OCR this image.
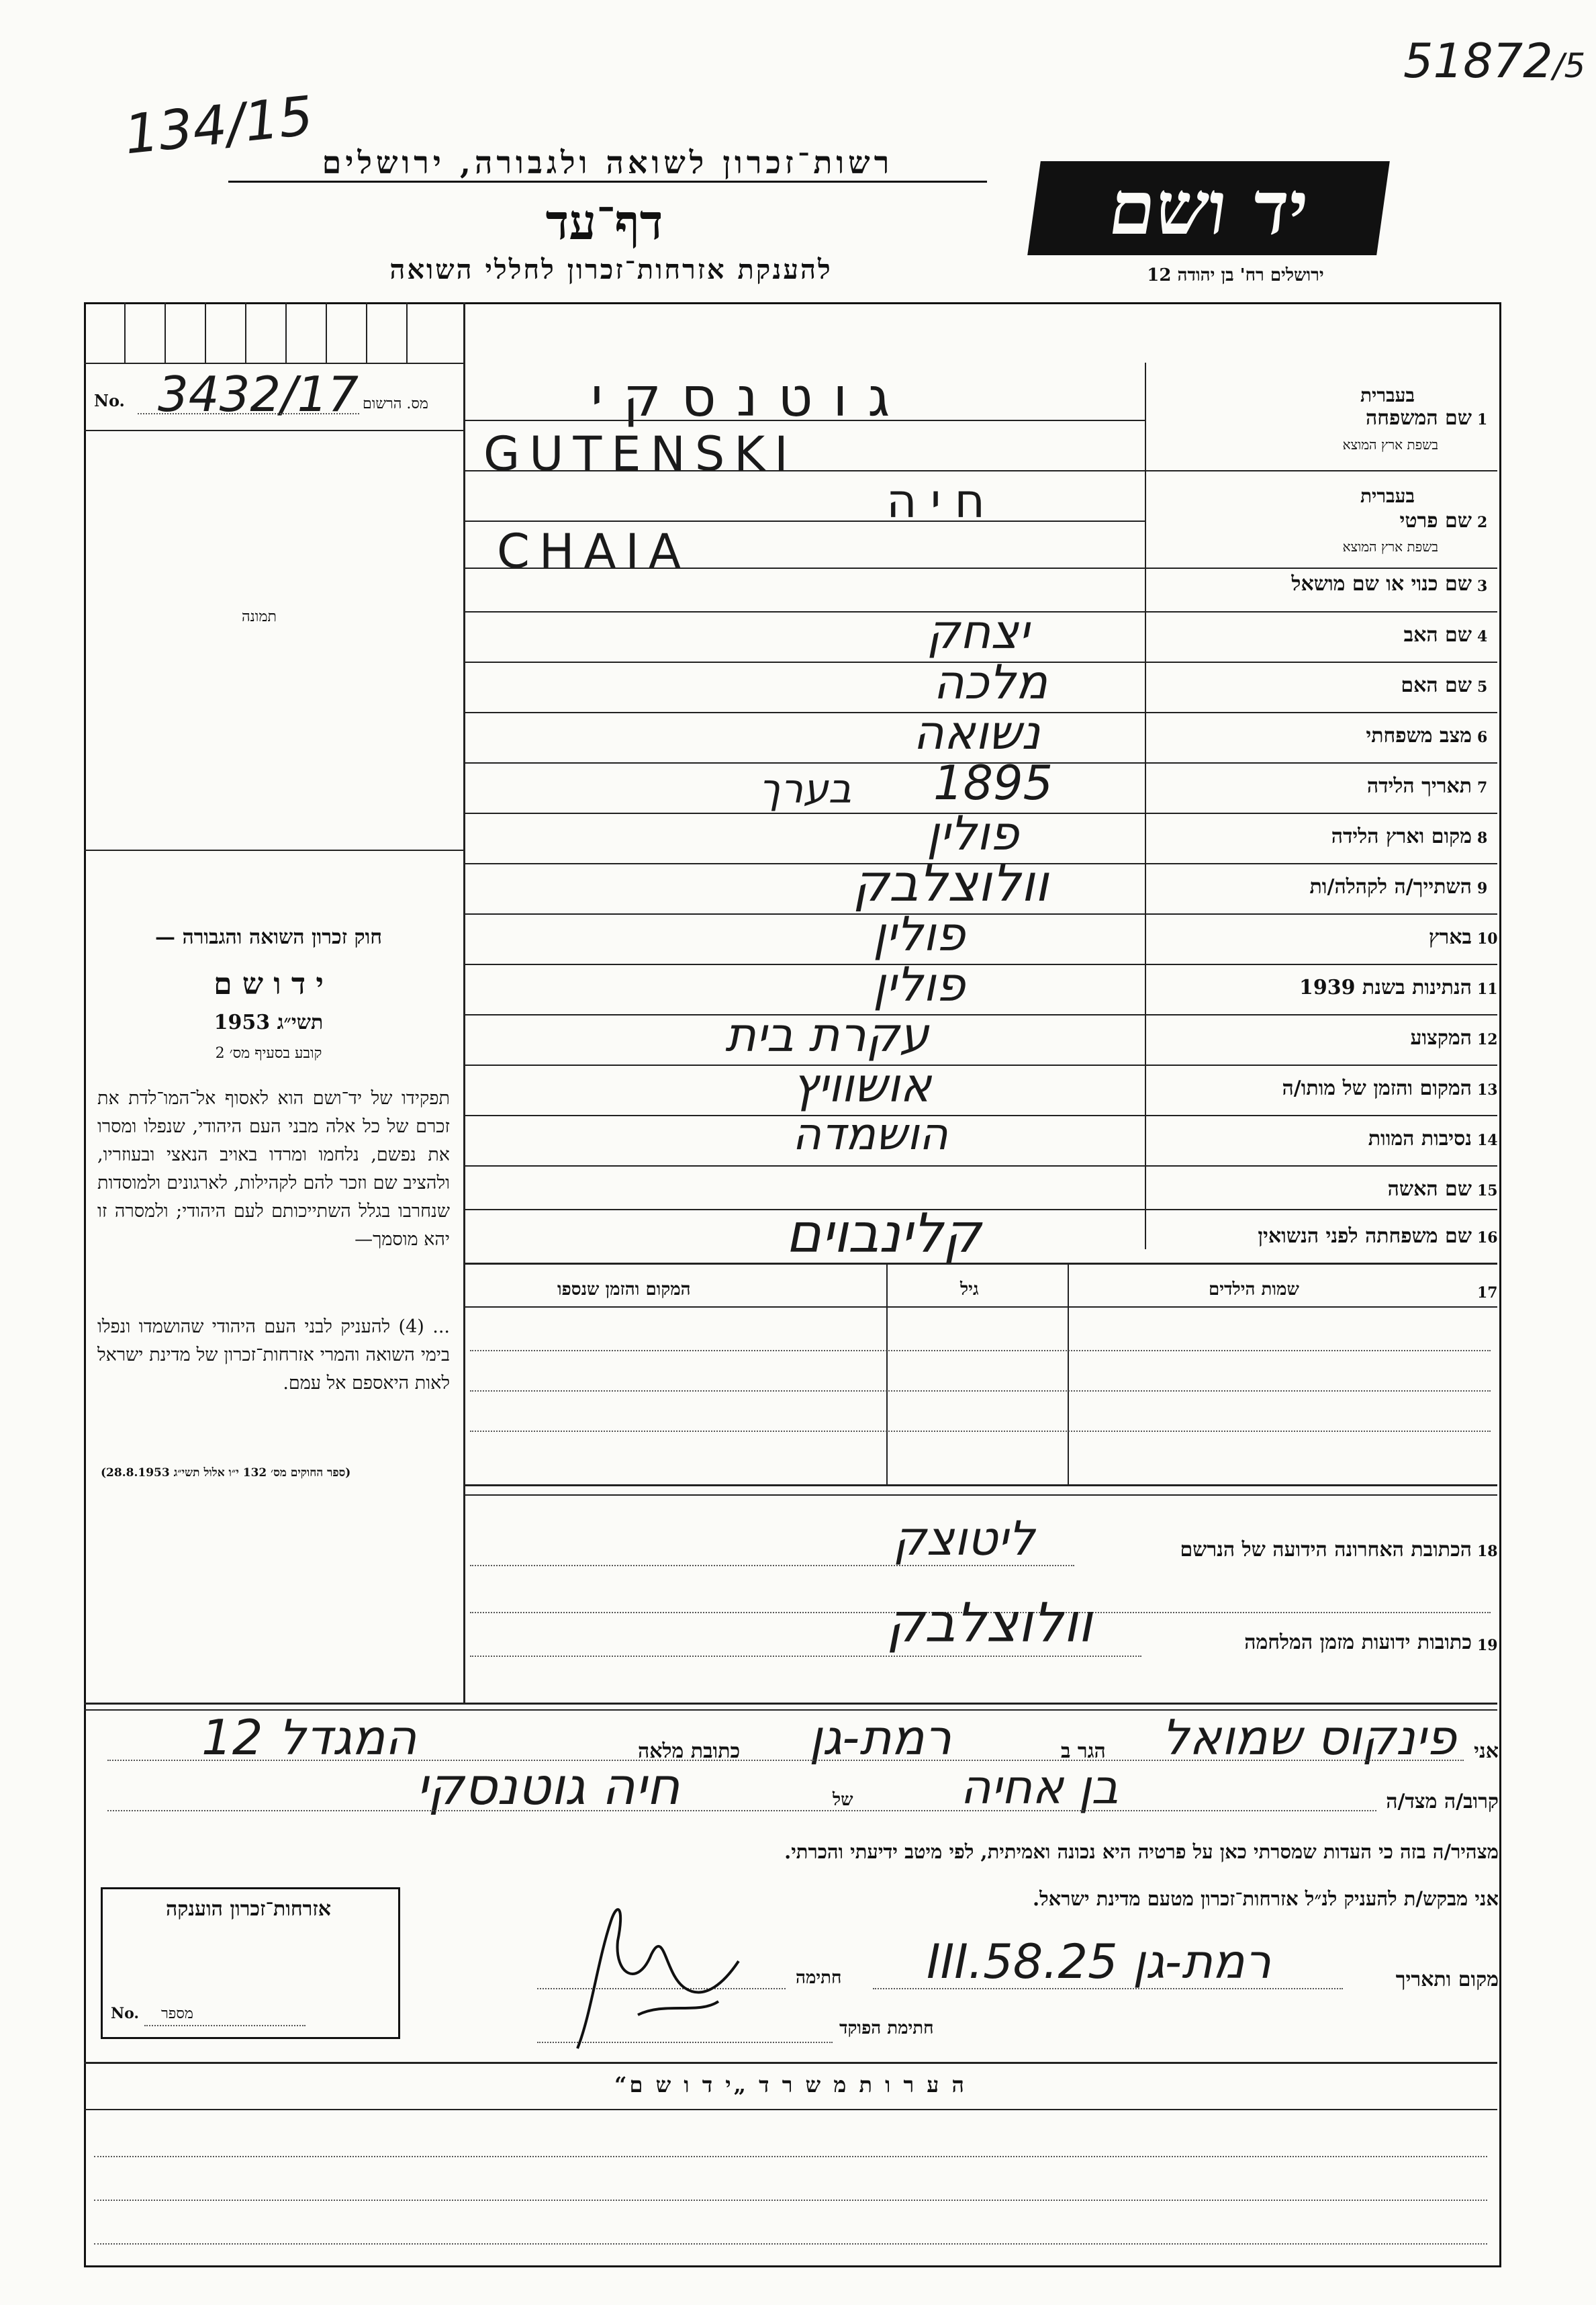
51872/5
134/15 רשות־זכרון לשואה ולגבורה, ירושלים
דף־עד
להענקת אזרחות־זכרון לחללי השואה
יד ושם
ירושלים רח' בן יהודה 12
No. 3432/17 מס. הרשום
תמונה
חוק זכרון השואה והגבורה —
י ד ו ש ם
תשי״ג 1953
קובע בסעיף מס׳ 2
תפקידו של יד־ושם הוא לאסוף אל־המו־לדת את זכרם של כל אלה מבני העם היהודי, שנפלו ומסרו את נפשם, נלחמו ומרדו באויב הנאצי ובעוזריו, ולהציב שם וזכר להם לקהילות, לארגונים ולמוסדות שנחרבו בגלל השתייכותם לעם היהודי; ולמסרה זו יהא מוסמך—
... (4) להעניק לבני העם היהודי שהושמדו ונפלו בימי השואה והמרי אזרחות־זכרון של מדינת ישראל לאות היאספם אל עמם.
(ספר החוקים מס׳ 132 י״ו אלול תשי״ג 28.8.1953)
1
שם המשפחה
בעברית
בשפת ארץ המוצא
גוטנסקי
GUTENSKI
2
שם פרטי
בעברית
בשפת ארץ המוצא
חיה
CHAIA
3
שם כנוי או שם מושאל
4
שם האב
יצחק
5
שם האם
מלכה
6
מצב משפחתי
נשואה
7
תאריך הלידה
1895
בערך
8
מקום וארץ הלידה
פולין
9
השתייך/ה לקהלה/ות
וולוצלבק
10
בארץ
פולין
11
הנתינות בשנת 1939
פולין
12
המקצוע
עקרת בית
13
המקום והזמן של מותו/ה
אושוויץ
14
נסיבות המוות
הושמדה
15
שם האשה
16
שם משפחתה לפני הנשואין
קלינבוים
17
שמות הילדים
גיל
המקום והזמן שנספו
18
הכתובת האחרונה הידועה של הנרשם
ליטוצק
19
כתובות ידועות מזמן המלחמה
וולוצלבק
אני
פינקוס שמואל
הגר ב
רמת-גן
כתובת מלאה
המגדל 12
קרוב/ה מצד/ה
בן אחיה
של
חיה גוטנסקי
מצהיר/ה בזה כי העדות שמסרתי כאן על פרטיה היא נכונה ואמיתית, לפי מיטב ידיעתי והכרתי.
אני מבקש/ת להעניק לנ״ל אזרחות־זכרון מטעם מדינת ישראל.
מקום ותאריך
רמת-גן 25.III.58
חתימה
חתימת הפוקד
אזרחות־זכרון הוענקה
No. מספר
ה ע ר ו ת מ ש ר ד „י ד ו ש ם“
